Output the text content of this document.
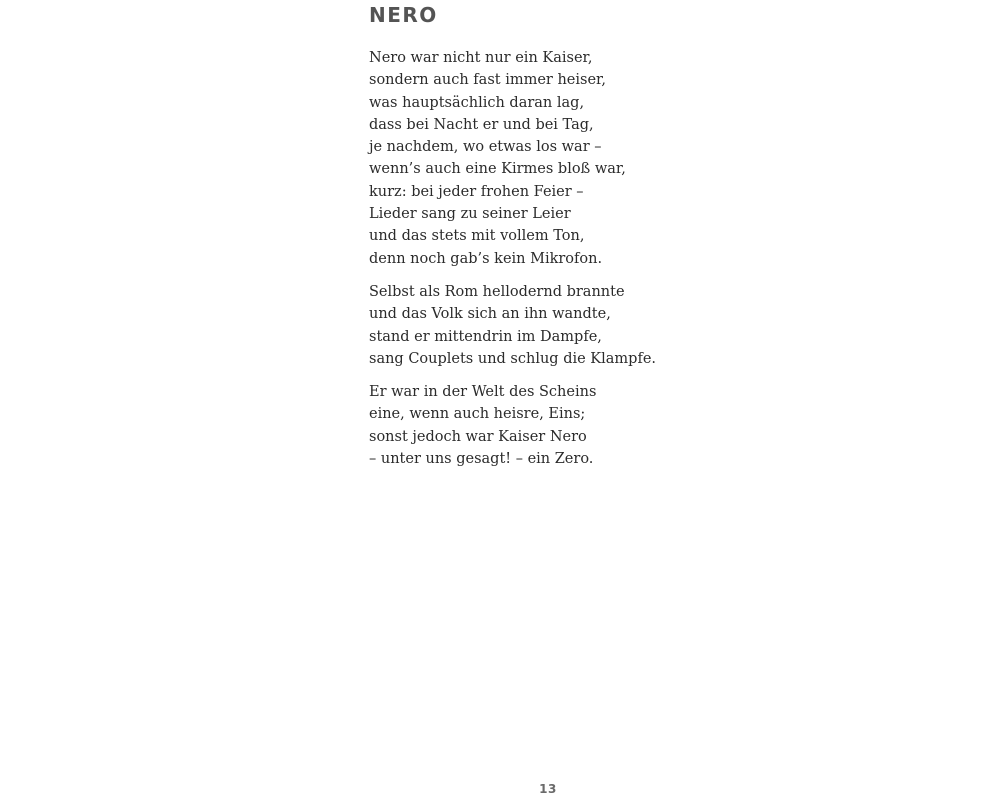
NERO

Nero war nicht nur ein Kaiser,
sondern auch fast immer heiser,
was hauptsächlich daran lag,
dass bei Nacht er und bei Tag,
je nachdem, wo etwas los war –
wenn’s auch eine Kirmes bloß war,
kurz: bei jeder frohen Feier –
Lieder sang zu seiner Leier
und das stets mit vollem Ton,
denn noch gab’s kein Mikrofon.

Selbst als Rom hellodernd brannte
und das Volk sich an ihn wandte,
stand er mittendrin im Dampfe,
sang Couplets und schlug die Klampfe.

Er war in der Welt des Scheins
eine, wenn auch heisre, Eins;
sonst jedoch war Kaiser Nero
– unter uns gesagt! – ein Zero.

13
